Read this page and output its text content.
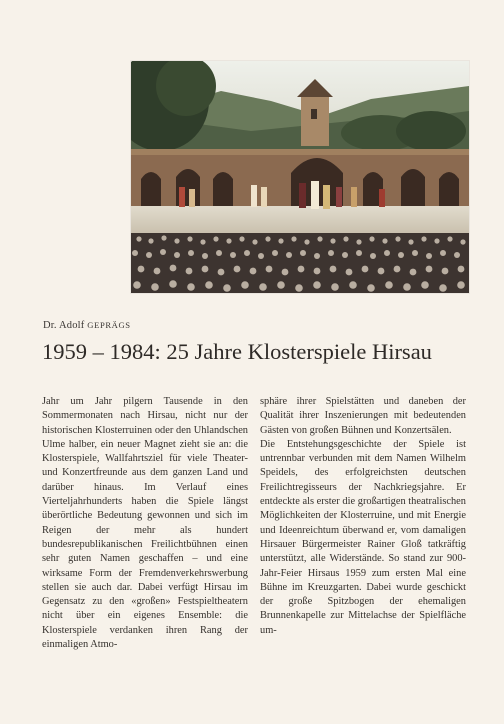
Dr. Adolf GEPRÄGS
1959 – 1984: 25 Jahre Klosterspiele Hirsau

Jahr um Jahr pilgern Tausende in den Sommermonaten nach Hirsau, nicht nur der historischen Klosterruinen oder den Uhlandschen Ulme halber, ein neuer Magnet zieht sie an: die Klosterspiele, Wallfahrtsziel für viele Theater- und Konzertfreunde aus dem ganzen Land und darüber hinaus. Im Verlauf eines Vierteljahrhunderts haben die Spiele längst überörtliche Bedeutung gewonnen und sich im Reigen der mehr als hundert bundesrepublikanischen Freilichtbühnen einen sehr guten Namen geschaffen – und eine wirksame Form der Fremdenverkehrswerbung stellen sie auch dar. Dabei verfügt Hirsau im Gegensatz zu den «großen» Festspieltheatern nicht über ein eigenes Ensemble: die Klosterspiele verdanken ihren Rang der einmaligen Atmo-

sphäre ihrer Spielstätten und daneben der Qualität ihrer Inszenierungen mit bedeutenden Gästen von großen Bühnen und Konzertsälen.

Die Entstehungsgeschichte der Spiele ist untrennbar verbunden mit dem Namen Wilhelm Speidels, des erfolgreichsten deutschen Freilichtregisseurs der Nachkriegsjahre. Er entdeckte als erster die großartigen theatralischen Möglichkeiten der Klosterruine, und mit Energie und Ideenreichtum überwand er, vom damaligen Hirsauer Bürgermeister Rainer Gloß tatkräftig unterstützt, alle Widerstände. So stand zur 900-Jahr-Feier Hirsaus 1959 zum ersten Mal eine Bühne im Kreuzgarten. Dabei wurde geschickt der große Spitzbogen der ehemaligen Brunnenkapelle zur Mittelachse der Spielfläche um-
